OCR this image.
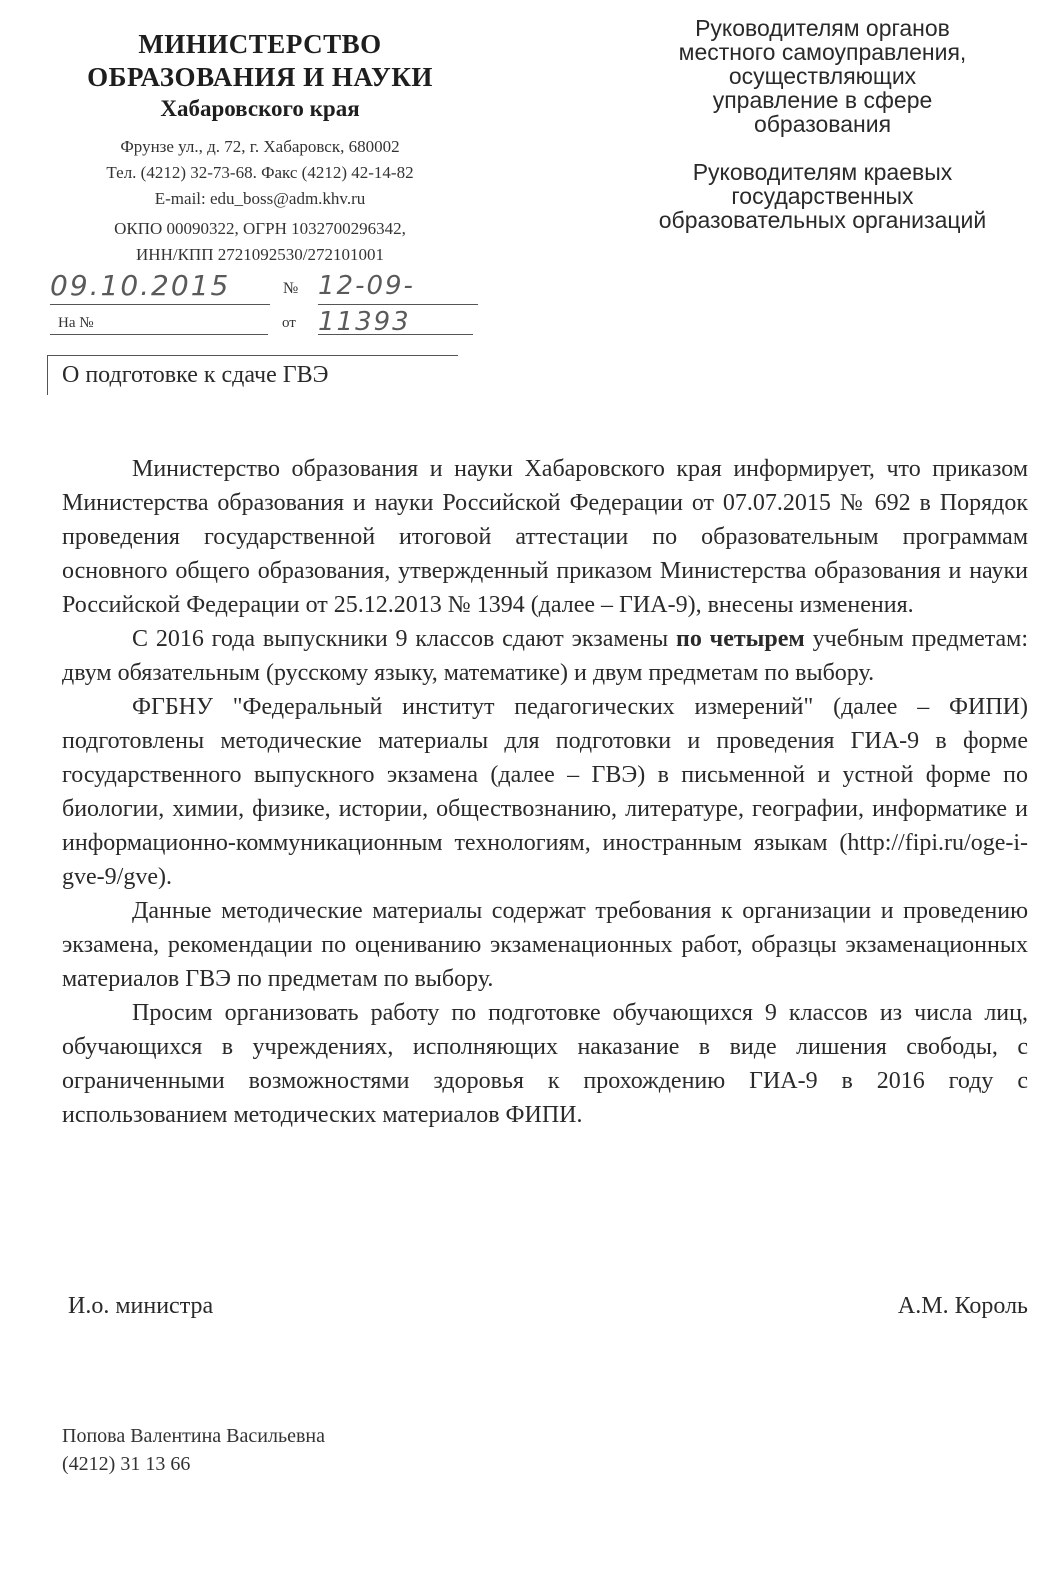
МИНИСТЕРСТВО
ОБРАЗОВАНИЯ И НАУКИ
Хабаровского края
Фрунзе ул., д. 72, г. Хабаровск, 680002
Тел. (4212) 32-73-68. Факс (4212) 42-14-82
E-mail: edu_boss@adm.khv.ru
ОКПО 00090322, ОГРН 1032700296342,
ИНН/КПП 2721092530/272101001
09.10.2015	№ 12-09-11393
На №	от
О подготовке к сдаче ГВЭ
Руководителям органов
местного самоуправления,
осуществляющих
управление в сфере
образования
Руководителям краевых
государственных
образовательных организаций

Министерство образования и науки Хабаровского края информирует, что приказом Министерства образования и науки Российской Федерации от 07.07.2015 № 692 в Порядок проведения государственной итоговой аттестации по образовательным программам основного общего образования, утвержденный приказом Министерства образования и науки Российской Федерации от 25.12.2013 № 1394 (далее – ГИА-9), внесены изменения.

С 2016 года выпускники 9 классов сдают экзамены по четырем учебным предметам: двум обязательным (русскому языку, математике) и двум предметам по выбору.

ФГБНУ "Федеральный институт педагогических измерений" (далее – ФИПИ) подготовлены методические материалы для подготовки и проведения ГИА-9 в форме государственного выпускного экзамена (далее – ГВЭ) в письменной и устной форме по биологии, химии, физике, истории, обществознанию, литературе, географии, информатике и информационно-коммуникационным технологиям, иностранным языкам (http://fipi.ru/oge-i-gve-9/gve).

Данные методические материалы содержат требования к организации и проведению экзамена, рекомендации по оцениванию экзаменационных работ, образцы экзаменационных материалов ГВЭ по предметам по выбору.

Просим организовать работу по подготовке обучающихся 9 классов из числа лиц, обучающихся в учреждениях, исполняющих наказание в виде лишения свободы, с ограниченными возможностями здоровья к прохождению ГИА-9 в 2016 году с использованием методических материалов ФИПИ.

И.о. министра	А.М. Король
Попова Валентина Васильевна
(4212) 31 13 66
